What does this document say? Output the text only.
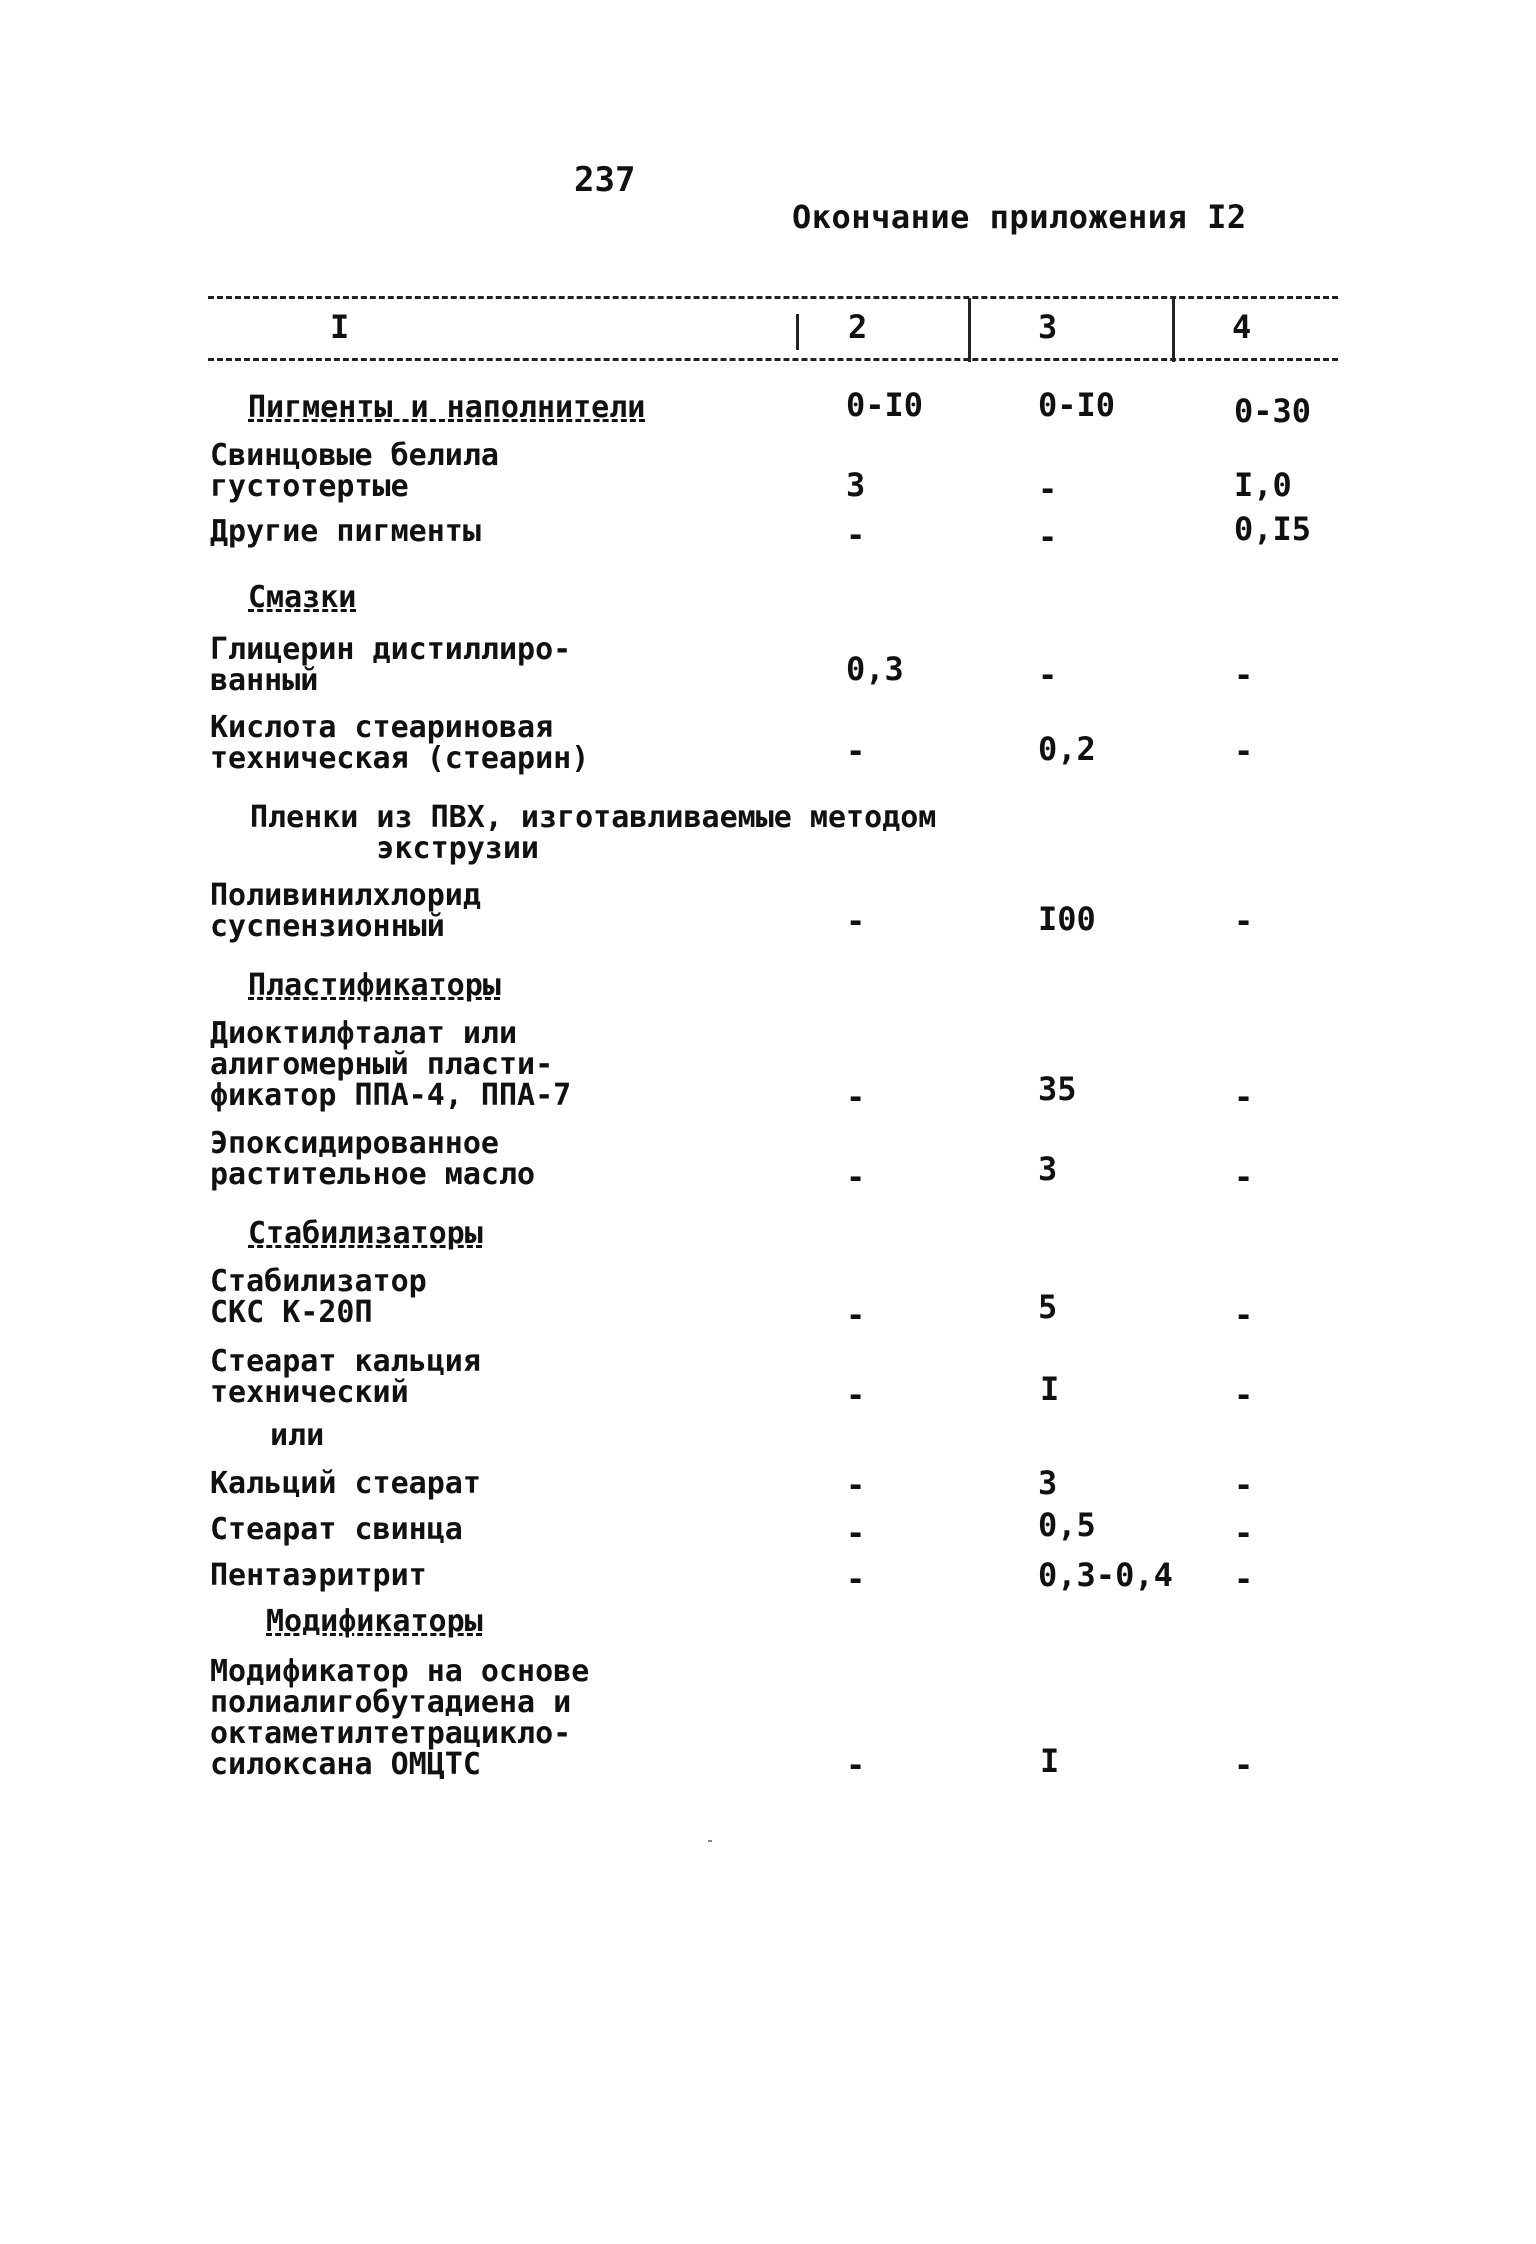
237
Окончание приложения I2
I	2	3	4
Пигменты и наполнители	0-I0	0-I0	0-30
Свинцовые белила
густотертые	3	-	I,0
Другие пигменты	-	-	0,I5
Смазки
Глицерин дистиллиро-
ванный	0,3	-	-
Кислота стеариновая
техническая (стеарин)	-	0,2	-
Пленки из ПВХ, изготавливаемые методом
экструзии
Поливинилхлорид
суспензионный	-	I00	-
Пластификаторы
Диоктилфталат или
алигомерный пласти-
фикатор ППА-4, ППА-7	-	35	-
Эпоксидированное
растительное масло	-	3	-
Стабилизаторы
Стабилизатор
СКС К-20П	-	5	-
Стеарат кальция
технический	-	I	-
или
Кальций стеарат	-	3	-
Стеарат свинца	-	0,5	-
Пентаэритрит	-	0,3-0,4 -
Модификаторы
Модификатор на основе
полиалигобутадиена и
октаметилтетрациклo-
силоксана ОМЦТС	-	I	-
